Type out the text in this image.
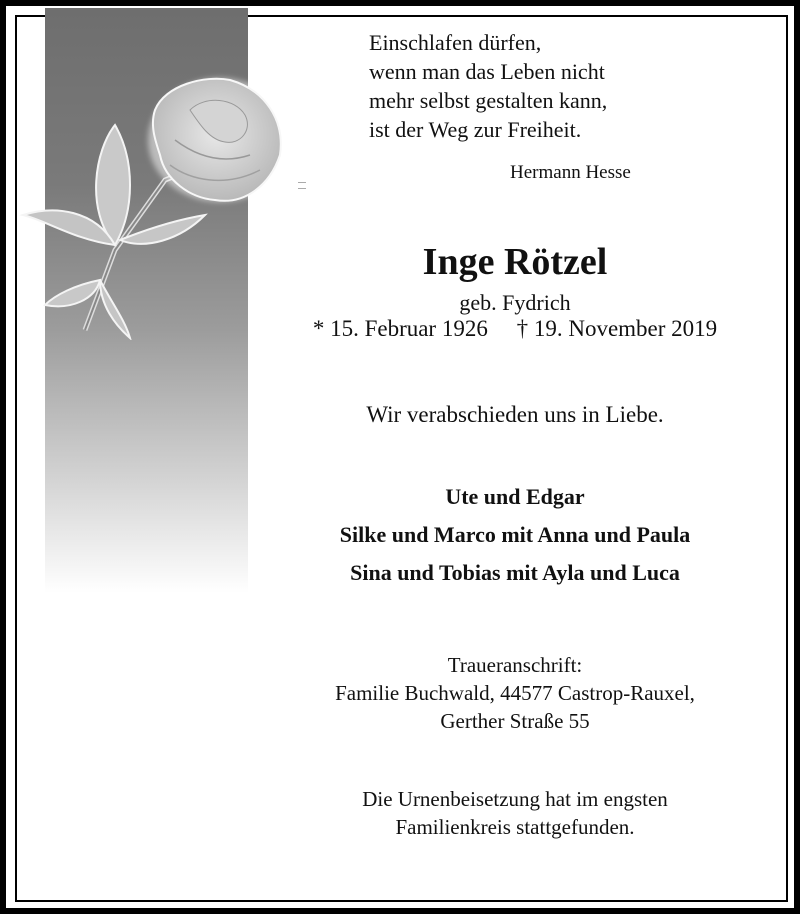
Einschlafen dürfen,
wenn man das Leben nicht
mehr selbst gestalten kann,
ist der Weg zur Freiheit.
Hermann Hesse
Inge Rötzel
geb. Fydrich
* 15. Februar 1926 † 19. November 2019
Wir verabschieden uns in Liebe.
Ute und Edgar
Silke und Marco mit Anna und Paula
Sina und Tobias mit Ayla und Luca
Traueranschrift:
Familie Buchwald, 44577 Castrop-Rauxel,
Gerther Straße 55
Die Urnenbeisetzung hat im engsten
Familienkreis stattgefunden.
